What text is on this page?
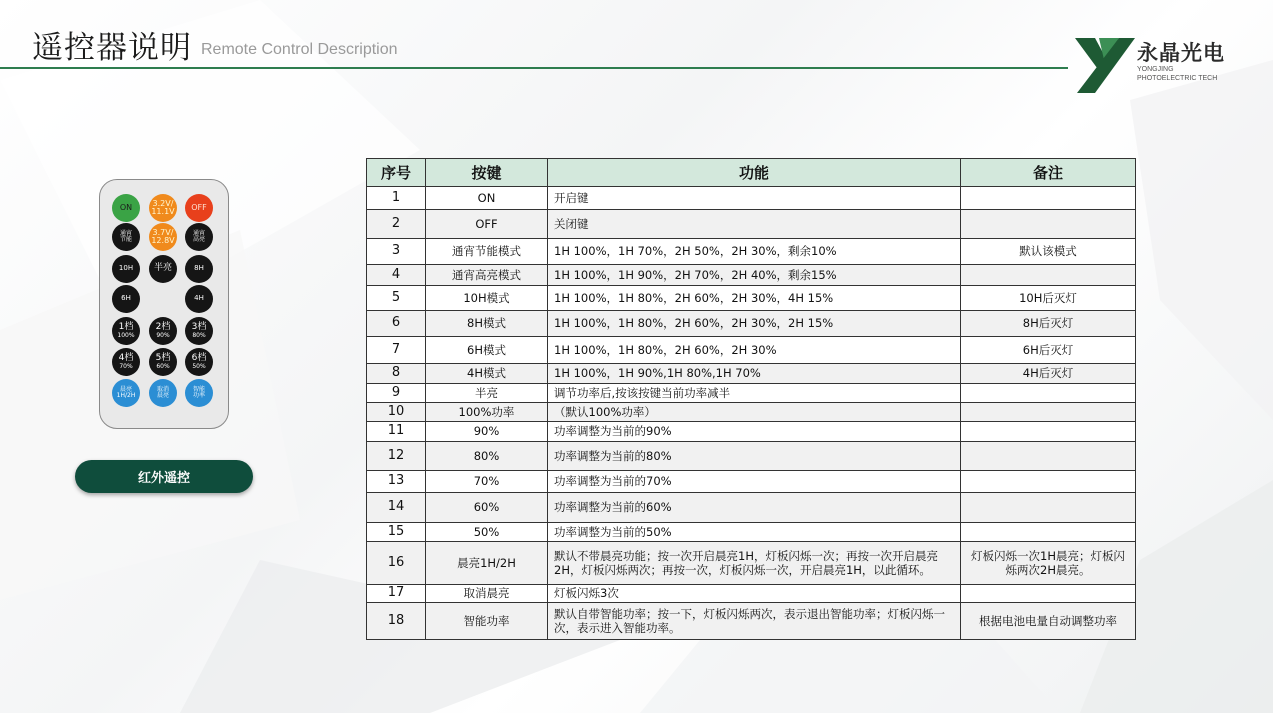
遥控器说明 Remote Control Description	永晶光电
YONGJING
PHOTOELECTRIC TECH
ON	3.2V/
11.1V OFF
通宵
节能
3.7V/
12.8V
通宵
高亮
10H 半亮	8H
6H	4H
1档
100%
2档
90%
3档
80%
4档
70%
5档
60%
6档
50%
晨亮
1H/2H
取消
晨亮
智能
功率
红外遥控
序号	按键	功能	备注
1	ON	开启键	
2	OFF	关闭键	
3	通宵节能模式	1H 100%，1H 70%，2H 50%，2H 30%，剩余10%	默认该模式
4	通宵高亮模式	1H 100%，1H 90%，2H 70%，2H 40%，剩余15%	
5	10H模式	1H 100%，1H 80%，2H 60%，2H 30%，4H 15%	10H后灭灯
6	8H模式	1H 100%，1H 80%，2H 60%，2H 30%，2H 15%	8H后灭灯
7	6H模式	1H 100%，1H 80%，2H 60%，2H 30%	6H后灭灯
8	4H模式	1H 100%，1H 90%,1H 80%,1H 70%	4H后灭灯
9	半亮	调节功率后,按该按键当前功率减半	
10	100%功率	（默认100%功率）	
11	90%	功率调整为当前的90%	
12	80%	功率调整为当前的80%	
13	70%	功率调整为当前的70%	
14	60%	功率调整为当前的60%	
15	50%	功率调整为当前的50%	
16	晨亮1H/2H	默认不带晨亮功能；按一次开启晨亮1H，灯板闪烁一次；再按一次开启晨亮2H，灯板闪烁两次；再按一次，灯板闪烁一次，开启晨亮1H，以此循环。	灯板闪烁一次1H晨亮；灯板闪烁两次2H晨亮。
17	取消晨亮	灯板闪烁3次	
18	智能功率	默认自带智能功率；按一下，灯板闪烁两次，表示退出智能功率；灯板闪烁一次，表示进入智能功率。	根据电池电量自动调整功率
